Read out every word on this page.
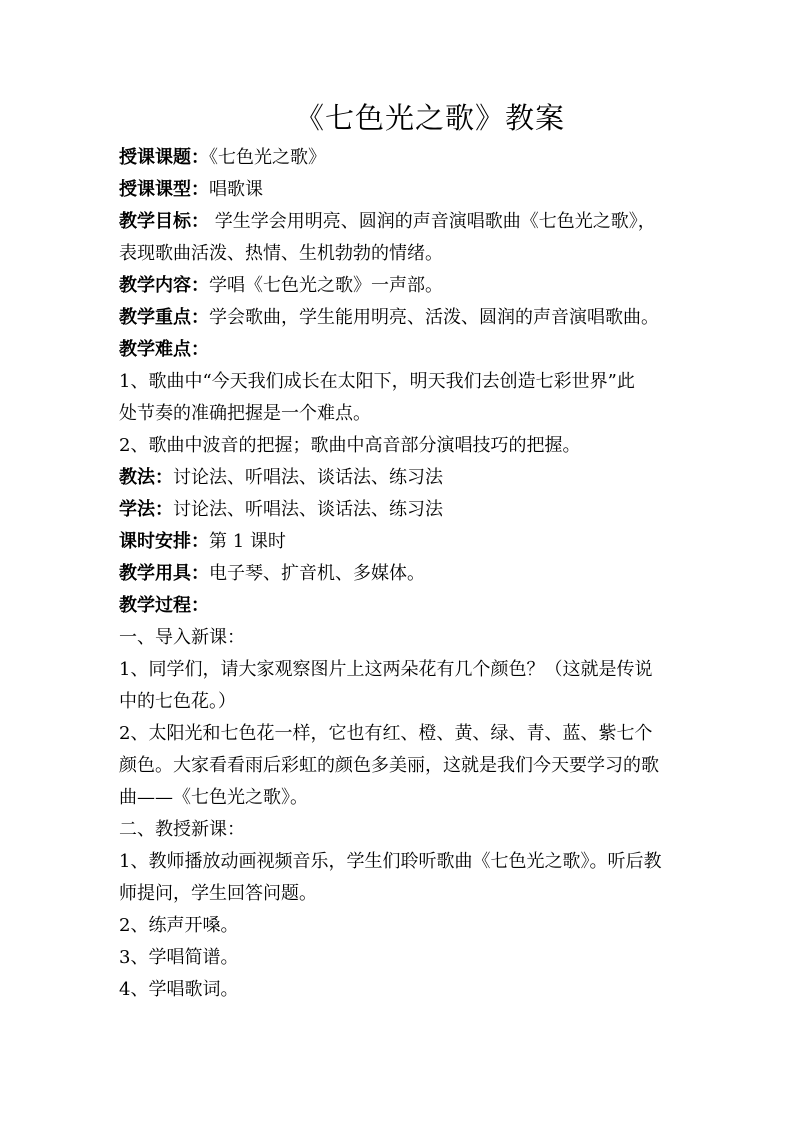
《七色光之歌》教案
授课课题：《七色光之歌》
授课课型：唱歌课
教学目标： 学生学会用明亮、圆润的声音演唱歌曲《七色光之歌》，
表现歌曲活泼、热情、生机勃勃的情绪。
教学内容：学唱《七色光之歌》一声部。
教学重点：学会歌曲，学生能用明亮、活泼、圆润的声音演唱歌曲。
教学难点：
1、歌曲中“今天我们成长在太阳下，明天我们去创造七彩世界”此
处节奏的准确把握是一个难点。
2、歌曲中波音的把握；歌曲中高音部分演唱技巧的把握。
教法：讨论法、听唱法、谈话法、练习法
学法：讨论法、听唱法、谈话法、练习法
课时安排：第 1 课时
教学用具：电子琴、扩音机、多媒体。
教学过程：
一、导入新课：
1、同学们，请大家观察图片上这两朵花有几个颜色？（这就是传说
中的七色花。）
2、太阳光和七色花一样，它也有红、橙、黄、绿、青、蓝、紫七个
颜色。大家看看雨后彩虹的颜色多美丽，这就是我们今天要学习的歌
曲——《七色光之歌》。
二、教授新课：
1、教师播放动画视频音乐，学生们聆听歌曲《七色光之歌》。听后教
师提问，学生回答问题。
2、练声开嗓。
3、学唱简谱。
4、学唱歌词。
